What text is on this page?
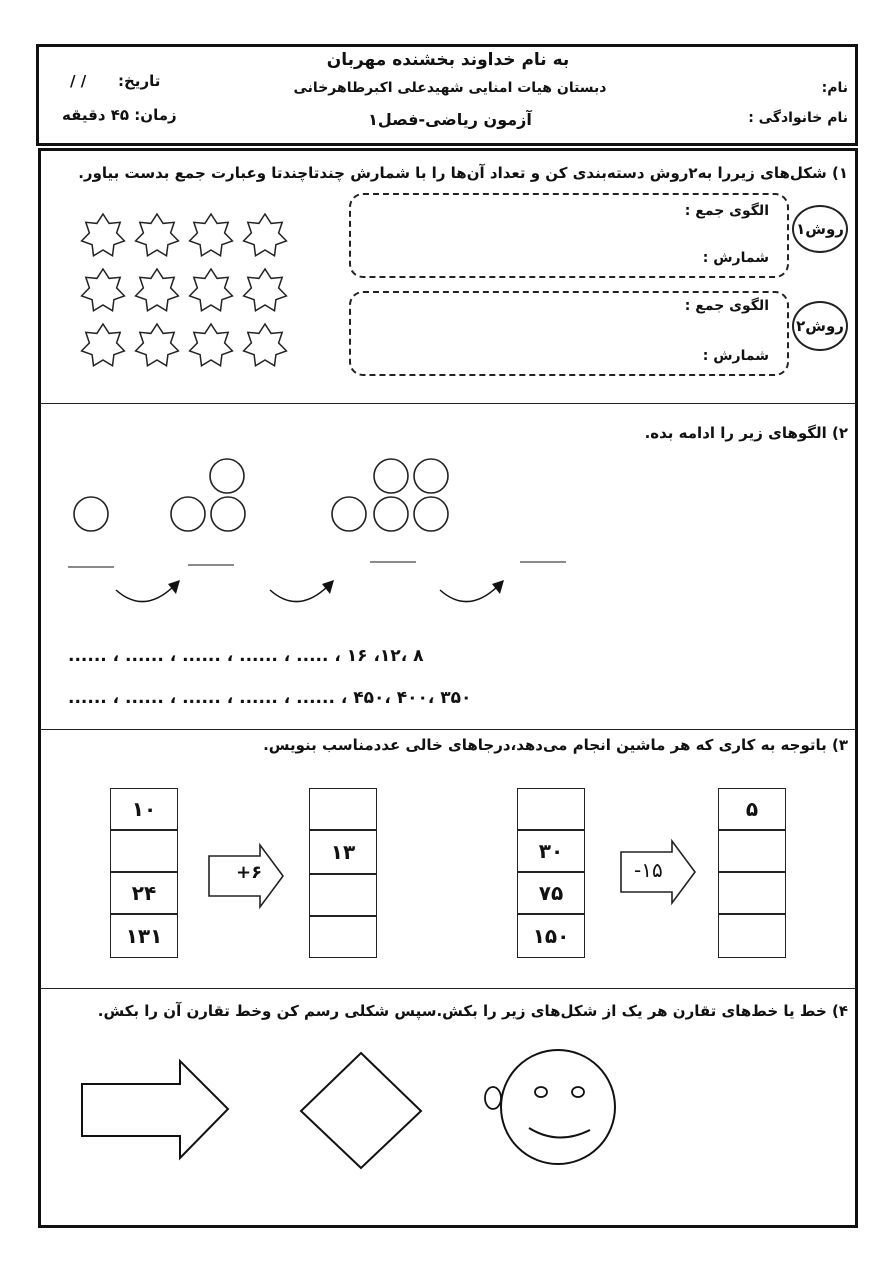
به نام خداوند بخشنده مهربان
دبستان هیات امنایی شهیدعلی اکبرطاهرخانی
آزمون ریاضی-فصل۱
نام:
نام خانوادگی :
تاریخ:
/ /
زمان: ۴۵ دقیقه
۱) شکل‌های زیررا به۲روش دسته‌بندی کن و تعداد آن‌ها را با شمارش چندتاچندتا وعبارت جمع بدست بیاور.
الگوی جمع :
شمارش :
روش۱
الگوی جمع :
شمارش :
روش۲
۲) الگوهای زیر را ادامه بده.
۸ ،۱۲، ۱۶ ، ..... ، ...... ، ...... ، ...... ، ......
۳۵۰ ،۴۰۰ ،۴۵۰ ، ...... ، ...... ، ...... ، ...... ، ......
۳) باتوجه به کاری که هر ماشین انجام می‌دهد،درجاهای خالی عددمناسب بنویس.
۱۰
۲۴
۱۳۱
+۶
۱۳	۳۰
۷۵
۱۵۰
-۱۵
۵
۴) خط یا خط‌های تقارن هر یک از شکل‌های زیر را بکش.سپس شکلی رسم کن وخط تقارن آن را بکش.
